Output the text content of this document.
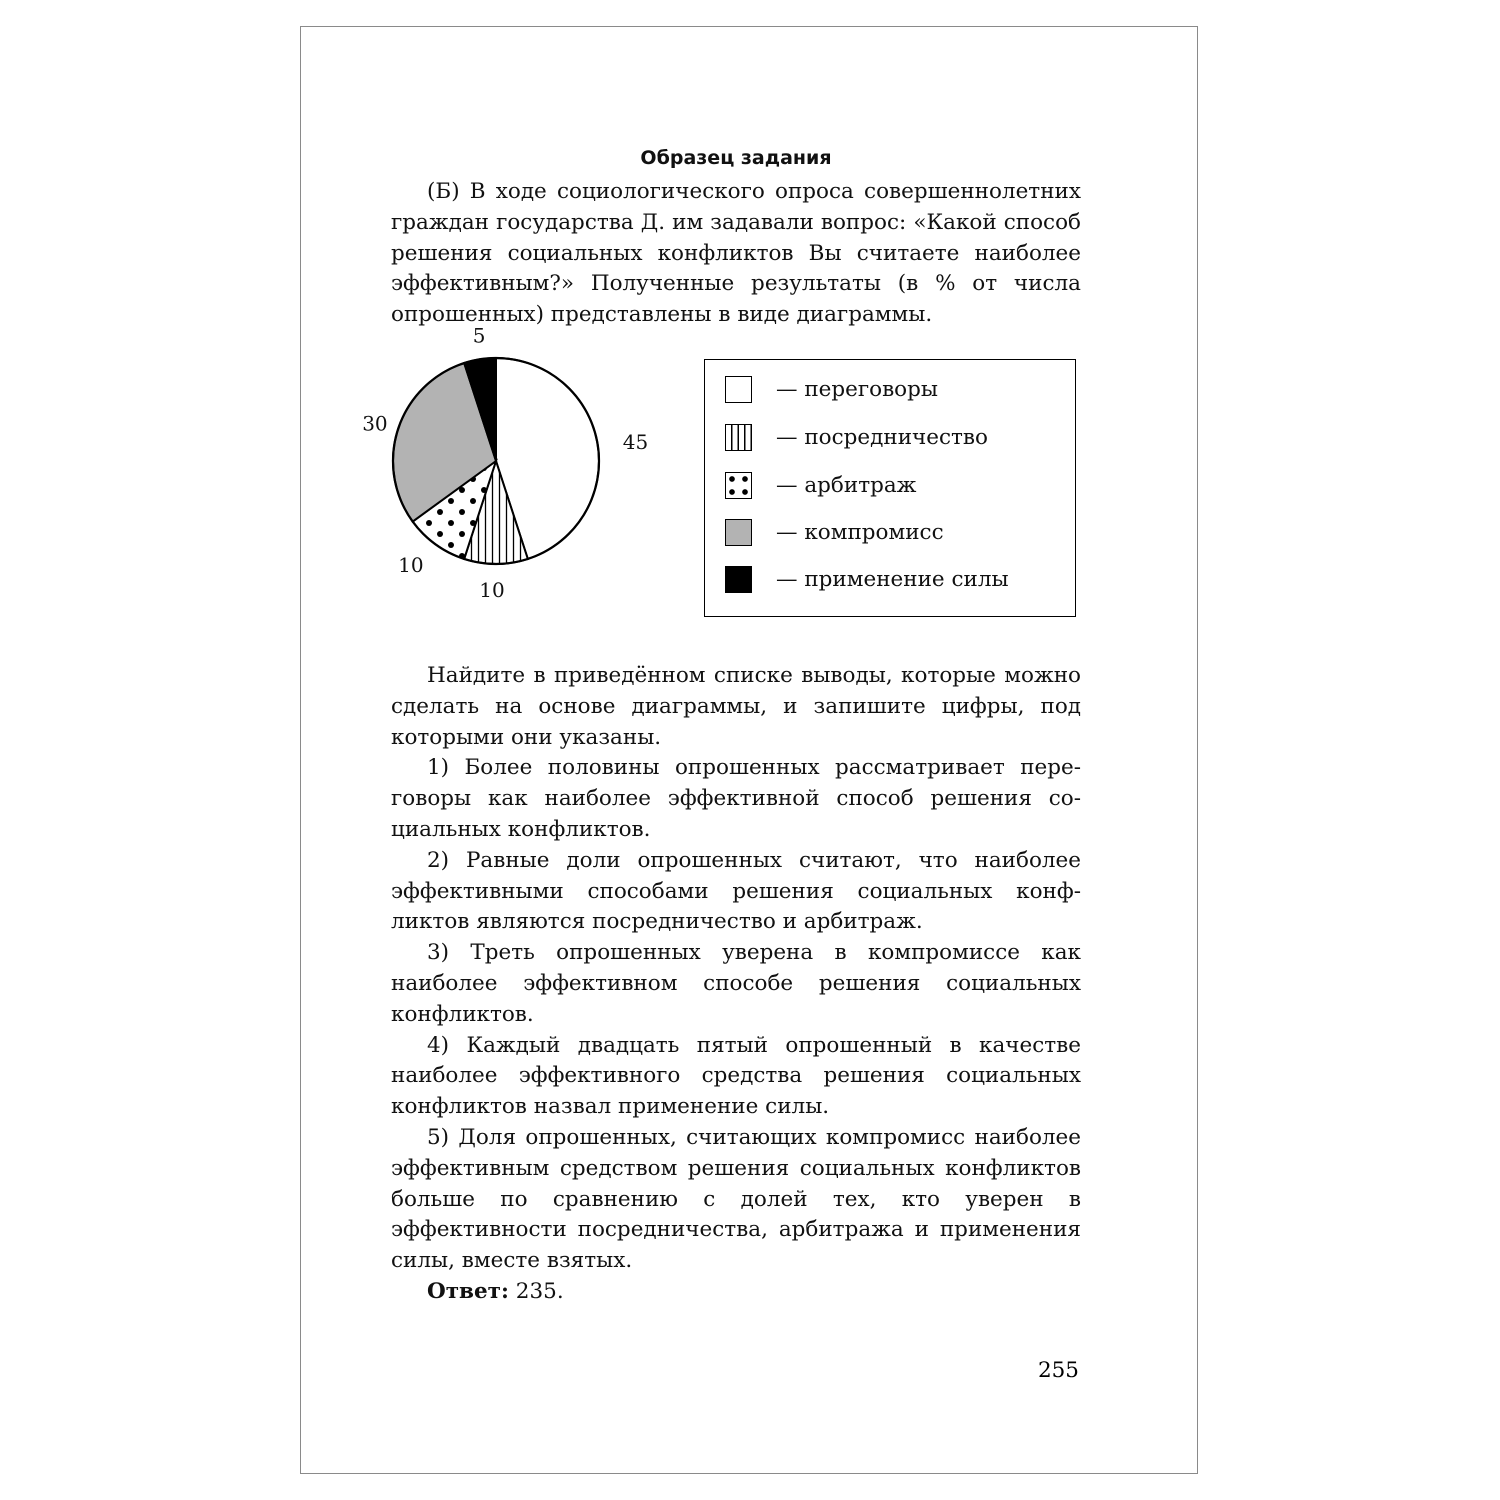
Образец задания

(Б) В ходе социологического опроса совершеннолетних граждан государства Д. им задавали вопрос: «Какой способ решения социальных конфликтов Вы считаете наиболее эффективным?» Полученные результаты (в % от числа опрошенных) представлены в виде диаграммы.

45
10
10
30
5
— переговоры
— посредничество
— арбитраж
— компромисс
— применение силы

Найдите в приведённом списке выводы, которые можно сделать на основе диаграммы, и запишите цифры, под которыми они указаны.

1) Более половины опрошенных рассматривает переговоры как наиболее эффективной способ решения социальных конфликтов.

2) Равные доли опрошенных считают, что наиболее эффективными способами решения социальных конфликтов являются посредничество и арбитраж.

3) Треть опрошенных уверена в компромиссе как наиболее эффективном способе решения социальных конфликтов.

4) Каждый двадцать пятый опрошенный в качестве наиболее эффективного средства решения социальных конфликтов назвал применение силы.

5) Доля опрошенных, считающих компромисс наиболее эффективным средством решения социальных конфликтов больше по сравнению с долей тех, кто уверен в эффективности посредничества, арбитража и применения силы, вместе взятых.

Ответ: 235.

255
